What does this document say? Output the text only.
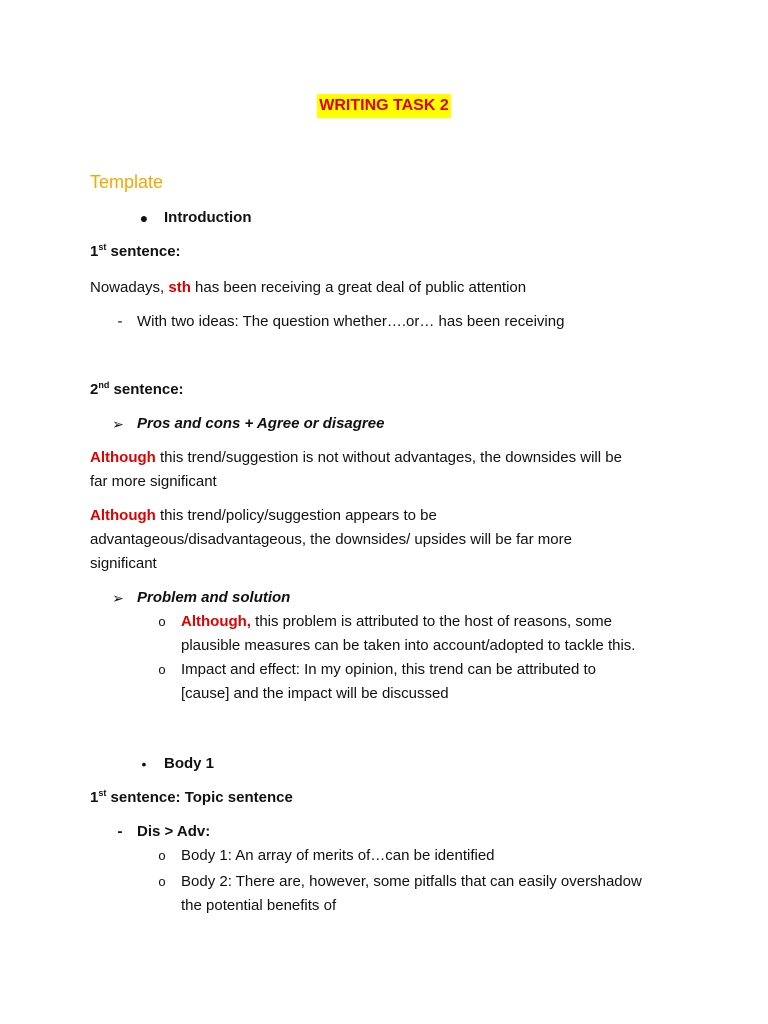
WRITING TASK 2
Template
● Introduction
1st sentence:
Nowadays, sth has been receiving a great deal of public attention
- With two ideas: The question whether….or… has been receiving
2nd sentence:
➢ Pros and cons + Agree or disagree
Although this trend/suggestion is not without advantages, the downsides will be
far more significant
Although this trend/policy/suggestion appears to be
advantageous/disadvantageous, the downsides/ upsides will be far more
significant
➢ Problem and solution
o Although, this problem is attributed to the host of reasons, some
plausible measures can be taken into account/adopted to tackle this.
o Impact and effect: In my opinion, this trend can be attributed to
[cause] and the impact will be discussed
•	Body 1
1st sentence: Topic sentence
- Dis > Adv:
o Body 1: An array of merits of…can be identified
o Body 2: There are, however, some pitfalls that can easily overshadow
the potential benefits of
